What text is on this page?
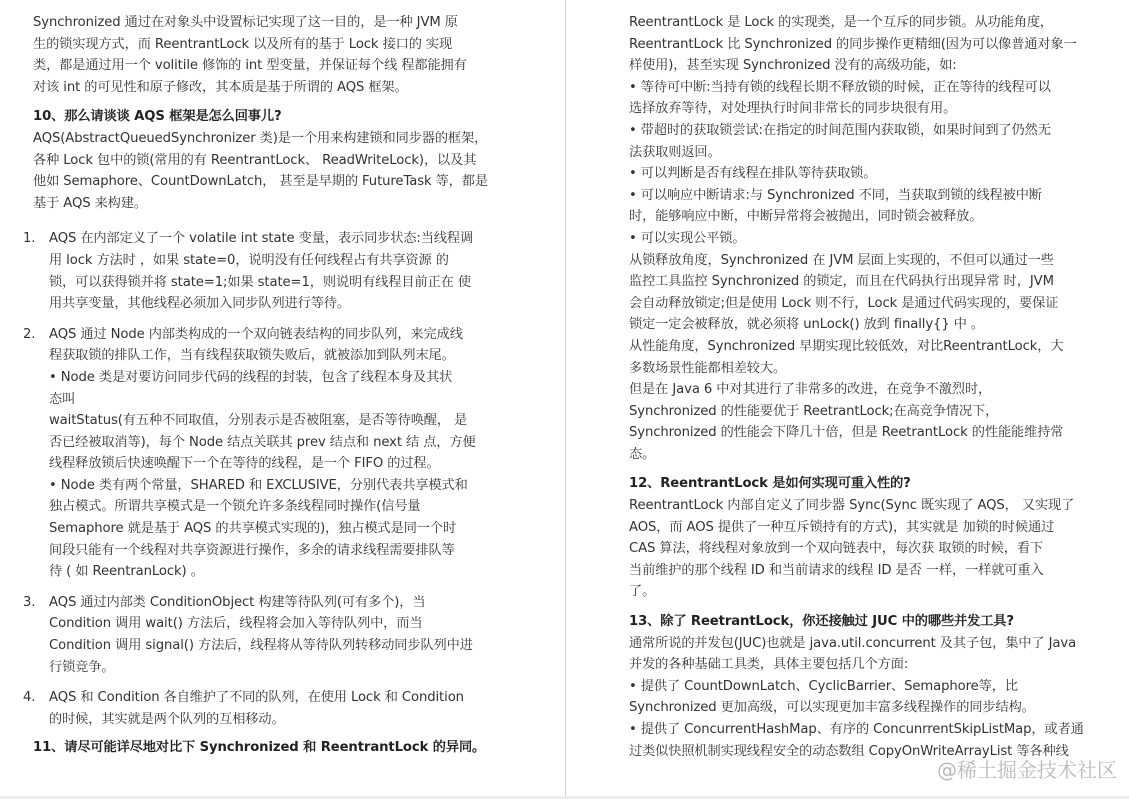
Synchronized 通过在对象头中设置标记实现了这一目的，是一种 JVM 原

生的锁实现方式，而 ReentrantLock 以及所有的基于 Lock 接口的 实现

类，都是通过用一个 volitile 修饰的 int 型变量，并保证每个线 程都能拥有

对该 int 的可见性和原子修改，其本质是基于所谓的 AQS 框架。

10、那么请谈谈 AQS 框架是怎么回事儿?

AQS(AbstractQueuedSynchronizer 类)是一个用来构建锁和同步器的框架，

各种 Lock 包中的锁(常用的有 ReentrantLock、 ReadWriteLock)，以及其

他如 Semaphore、CountDownLatch， 甚至是早期的 FutureTask 等，都是

基于 AQS 来构建。

1. AQS 在内部定义了一个 volatile int state 变量，表示同步状态:当线程调

用 lock 方法时 ，如果 state=0，说明没有任何线程占有共享资源 的

锁，可以获得锁并将 state=1;如果 state=1，则说明有线程目前正在 使

用共享变量，其他线程必须加入同步队列进行等待。

2. AQS 通过 Node 内部类构成的一个双向链表结构的同步队列，来完成线

程获取锁的排队工作，当有线程获取锁失败后，就被添加到队列末尾。

• Node 类是对要访问同步代码的线程的封装，包含了线程本身及其状

态叫

waitStatus(有五种不同取值，分别表示是否被阻塞，是否等待唤醒， 是

否已经被取消等)，每个 Node 结点关联其 prev 结点和 next 结 点，方便

线程释放锁后快速唤醒下一个在等待的线程，是一个 FIFO 的过程。

• Node 类有两个常量，SHARED 和 EXCLUSIVE，分别代表共享模式和

独占模式。所谓共享模式是一个锁允许多条线程同时操作(信号量

Semaphore 就是基于 AQS 的共享模式实现的)，独占模式是同一个时

间段只能有一个线程对共享资源进行操作，多余的请求线程需要排队等

待 ( 如 ReentranLock) 。

3. AQS 通过内部类 ConditionObject 构建等待队列(可有多个)，当

Condition 调用 wait() 方法后，线程将会加入等待队列中，而当

Condition 调用 signal() 方法后，线程将从等待队列转移动同步队列中进

行锁竞争。

4. AQS 和 Condition 各自维护了不同的队列，在使用 Lock 和 Condition

的时候，其实就是两个队列的互相移动。

11、请尽可能详尽地对比下 Synchronized 和 ReentrantLock 的异同。

ReentrantLock 是 Lock 的实现类，是一个互斥的同步锁。从功能角度，

ReentrantLock 比 Synchronized 的同步操作更精细(因为可以像普通对象一

样使用)，甚至实现 Synchronized 没有的高级功能，如:

• 等待可中断:当持有锁的线程长期不释放锁的时候，正在等待的线程可以

选择放弃等待，对处理执行时间非常长的同步块很有用。

• 带超时的获取锁尝试:在指定的时间范围内获取锁，如果时间到了仍然无

法获取则返回。

• 可以判断是否有线程在排队等待获取锁。

• 可以响应中断请求:与 Synchronized 不同，当获取到锁的线程被中断

时，能够响应中断，中断异常将会被抛出，同时锁会被释放。

• 可以实现公平锁。

从锁释放角度，Synchronized 在 JVM 层面上实现的，不但可以通过一些

监控工具监控 Synchronized 的锁定，而且在代码执行出现异常 时，JVM

会自动释放锁定;但是使用 Lock 则不行，Lock 是通过代码实现的，要保证

锁定一定会被释放，就必须将 unLock() 放到 finally{} 中 。

从性能角度，Synchronized 早期实现比较低效，对比ReentrantLock，大

多数场景性能都相差较大。

但是在 Java 6 中对其进行了非常多的改进，在竞争不激烈时，

Synchronized 的性能要优于 ReetrantLock;在高竞争情况下，

Synchronized 的性能会下降几十倍，但是 ReetrantLock 的性能能维持常

态。

12、ReentrantLock 是如何实现可重入性的?

ReentrantLock 内部自定义了同步器 Sync(Sync 既实现了 AQS， 又实现了

AOS，而 AOS 提供了一种互斥锁持有的方式)，其实就是 加锁的时候通过

CAS 算法，将线程对象放到一个双向链表中，每次获 取锁的时候，看下

当前维护的那个线程 ID 和当前请求的线程 ID 是否 一样，一样就可重入

了。

13、除了 ReetrantLock，你还接触过 JUC 中的哪些并发工具?

通常所说的并发包(JUC)也就是 java.util.concurrent 及其子包，集中了 Java

并发的各种基础工具类，具体主要包括几个方面:

• 提供了 CountDownLatch、CyclicBarrier、Semaphore等，比

Synchronized 更加高级，可以实现更加丰富多线程操作的同步结构。

• 提供了 ConcurrentHashMap、有序的 ConcunrrentSkipListMap，或者通

过类似快照机制实现线程安全的动态数组 CopyOnWriteArrayList 等各种线

@稀土掘金技术社区
